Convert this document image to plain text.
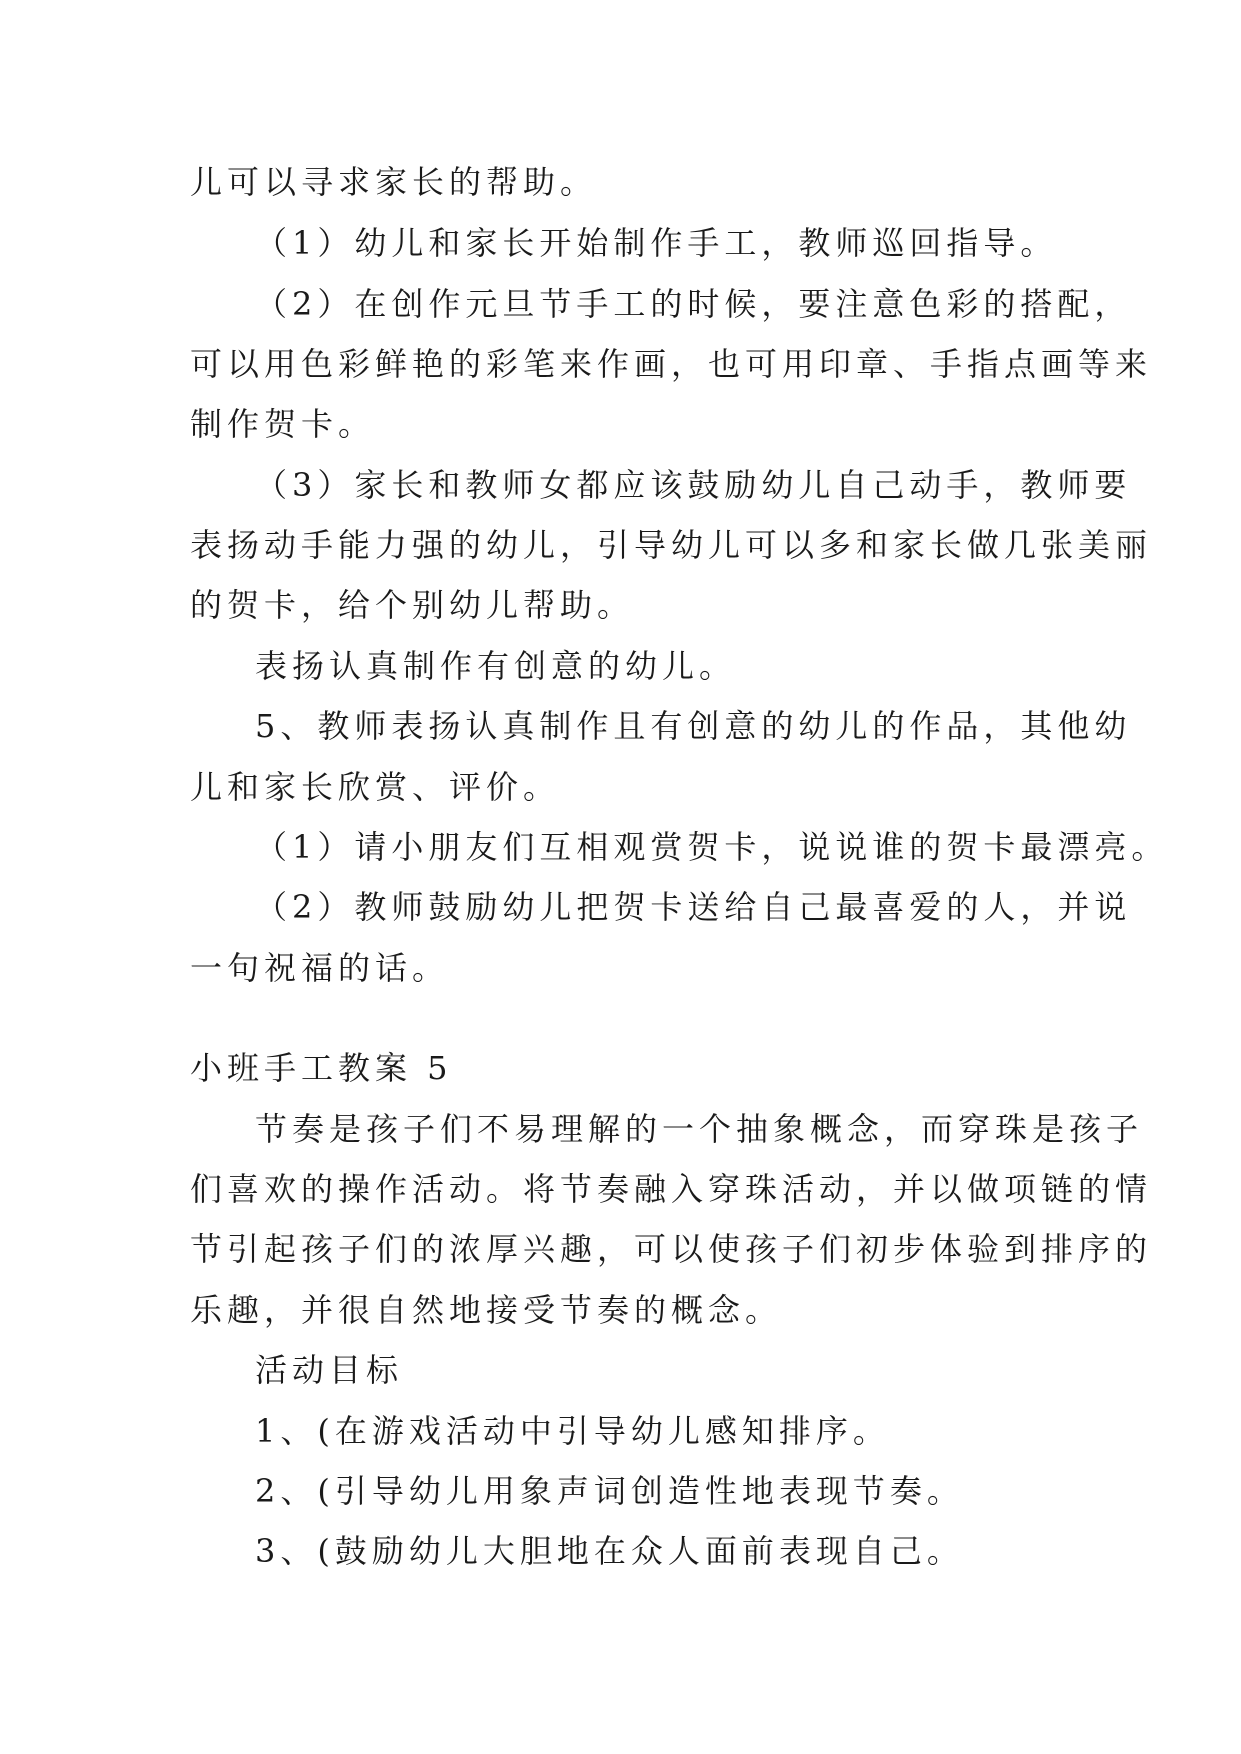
儿可以寻求家长的帮助。
（1）幼儿和家长开始制作手工，教师巡回指导。
（2）在创作元旦节手工的时候，要注意色彩的搭配，
可以用色彩鲜艳的彩笔来作画，也可用印章、手指点画等来
制作贺卡。
（3）家长和教师女都应该鼓励幼儿自己动手，教师要
表扬动手能力强的幼儿，引导幼儿可以多和家长做几张美丽
的贺卡，给个别幼儿帮助。
表扬认真制作有创意的幼儿。
5、教师表扬认真制作且有创意的幼儿的作品，其他幼
儿和家长欣赏、评价。
（1）请小朋友们互相观赏贺卡，说说谁的贺卡最漂亮。
（2）教师鼓励幼儿把贺卡送给自己最喜爱的人，并说
一句祝福的话。
小班手工教案 5
节奏是孩子们不易理解的一个抽象概念，而穿珠是孩子
们喜欢的操作活动。将节奏融入穿珠活动，并以做项链的情
节引起孩子们的浓厚兴趣，可以使孩子们初步体验到排序的
乐趣，并很自然地接受节奏的概念。
活动目标
1、(在游戏活动中引导幼儿感知排序。
2、(引导幼儿用象声词创造性地表现节奏。
3、(鼓励幼儿大胆地在众人面前表现自己。
